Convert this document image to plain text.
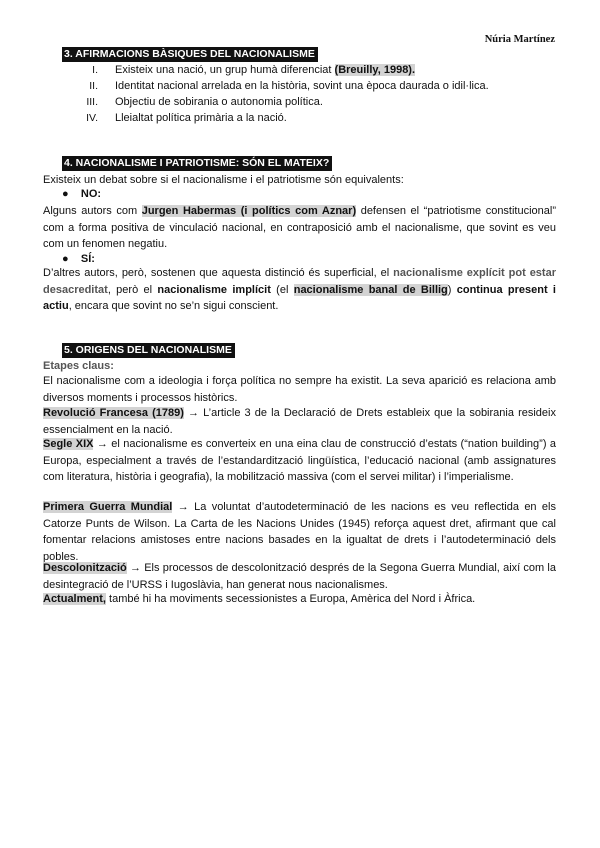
Núria Martínez
3. AFIRMACIONS BÀSIQUES DEL NACIONALISME
I. Existeix una nació, un grup humà diferenciat (Breuilly, 1998).
II. Identitat nacional arrelada en la història, sovint una època daurada o idil·lica.
III. Objectiu de sobirania o autonomia política.
IV. Lleialtat política primària a la nació.
4. NACIONALISME I PATRIOTISME: SÓN EL MATEIX?
Existeix un debat sobre si el nacionalisme i el patriotisme són equivalents:
●    NO:
Alguns autors com Jurgen Habermas (i polítics com Aznar) defensen el “patriotisme constitucional” com a forma positiva de vinculació nacional, en contraposició amb el nacionalisme, que sovint es veu com un fenomen negatiu.
●    SÍ:
D’altres autors, però, sostenen que aquesta distinció és superficial, el nacionalisme explícit pot estar desacreditat, però el nacionalisme implícit (el nacionalisme banal de Billig) continua present i actiu, encara que sovint no se’n sigui conscient.
5. ORIGENS DEL NACIONALISME
Etapes claus:
El nacionalisme com a ideologia i força política no sempre ha existit. La seva aparició es relaciona amb diversos moments i processos històrics.
Revolució Francesa (1789) → L’article 3 de la Declaració de Drets estableix que la sobirania resideix essencialment en la nació.
Segle XIX → el nacionalisme es converteix en una eina clau de construcció d’estats (“nation building”) a Europa, especialment a través de l’estandardització lingüística, l’educació nacional (amb assignatures com literatura, història i geografia), la mobilització massiva (com el servei militar) i l’imperialisme.
Primera Guerra Mundial → La voluntat d’autodeterminació de les nacions es veu reflectida en els Catorze Punts de Wilson. La Carta de les Nacions Unides (1945) reforça aquest dret, afirmant que cal fomentar relacions amistoses entre nacions basades en la igualtat de drets i l’autodeterminació dels pobles.
Descolonització → Els processos de descolonització després de la Segona Guerra Mundial, així com la desintegració de l’URSS i Iugoslàvia, han generat nous nacionalismes.
Actualment, també hi ha moviments secessionistes a Europa, Amèrica del Nord i Àfrica.
